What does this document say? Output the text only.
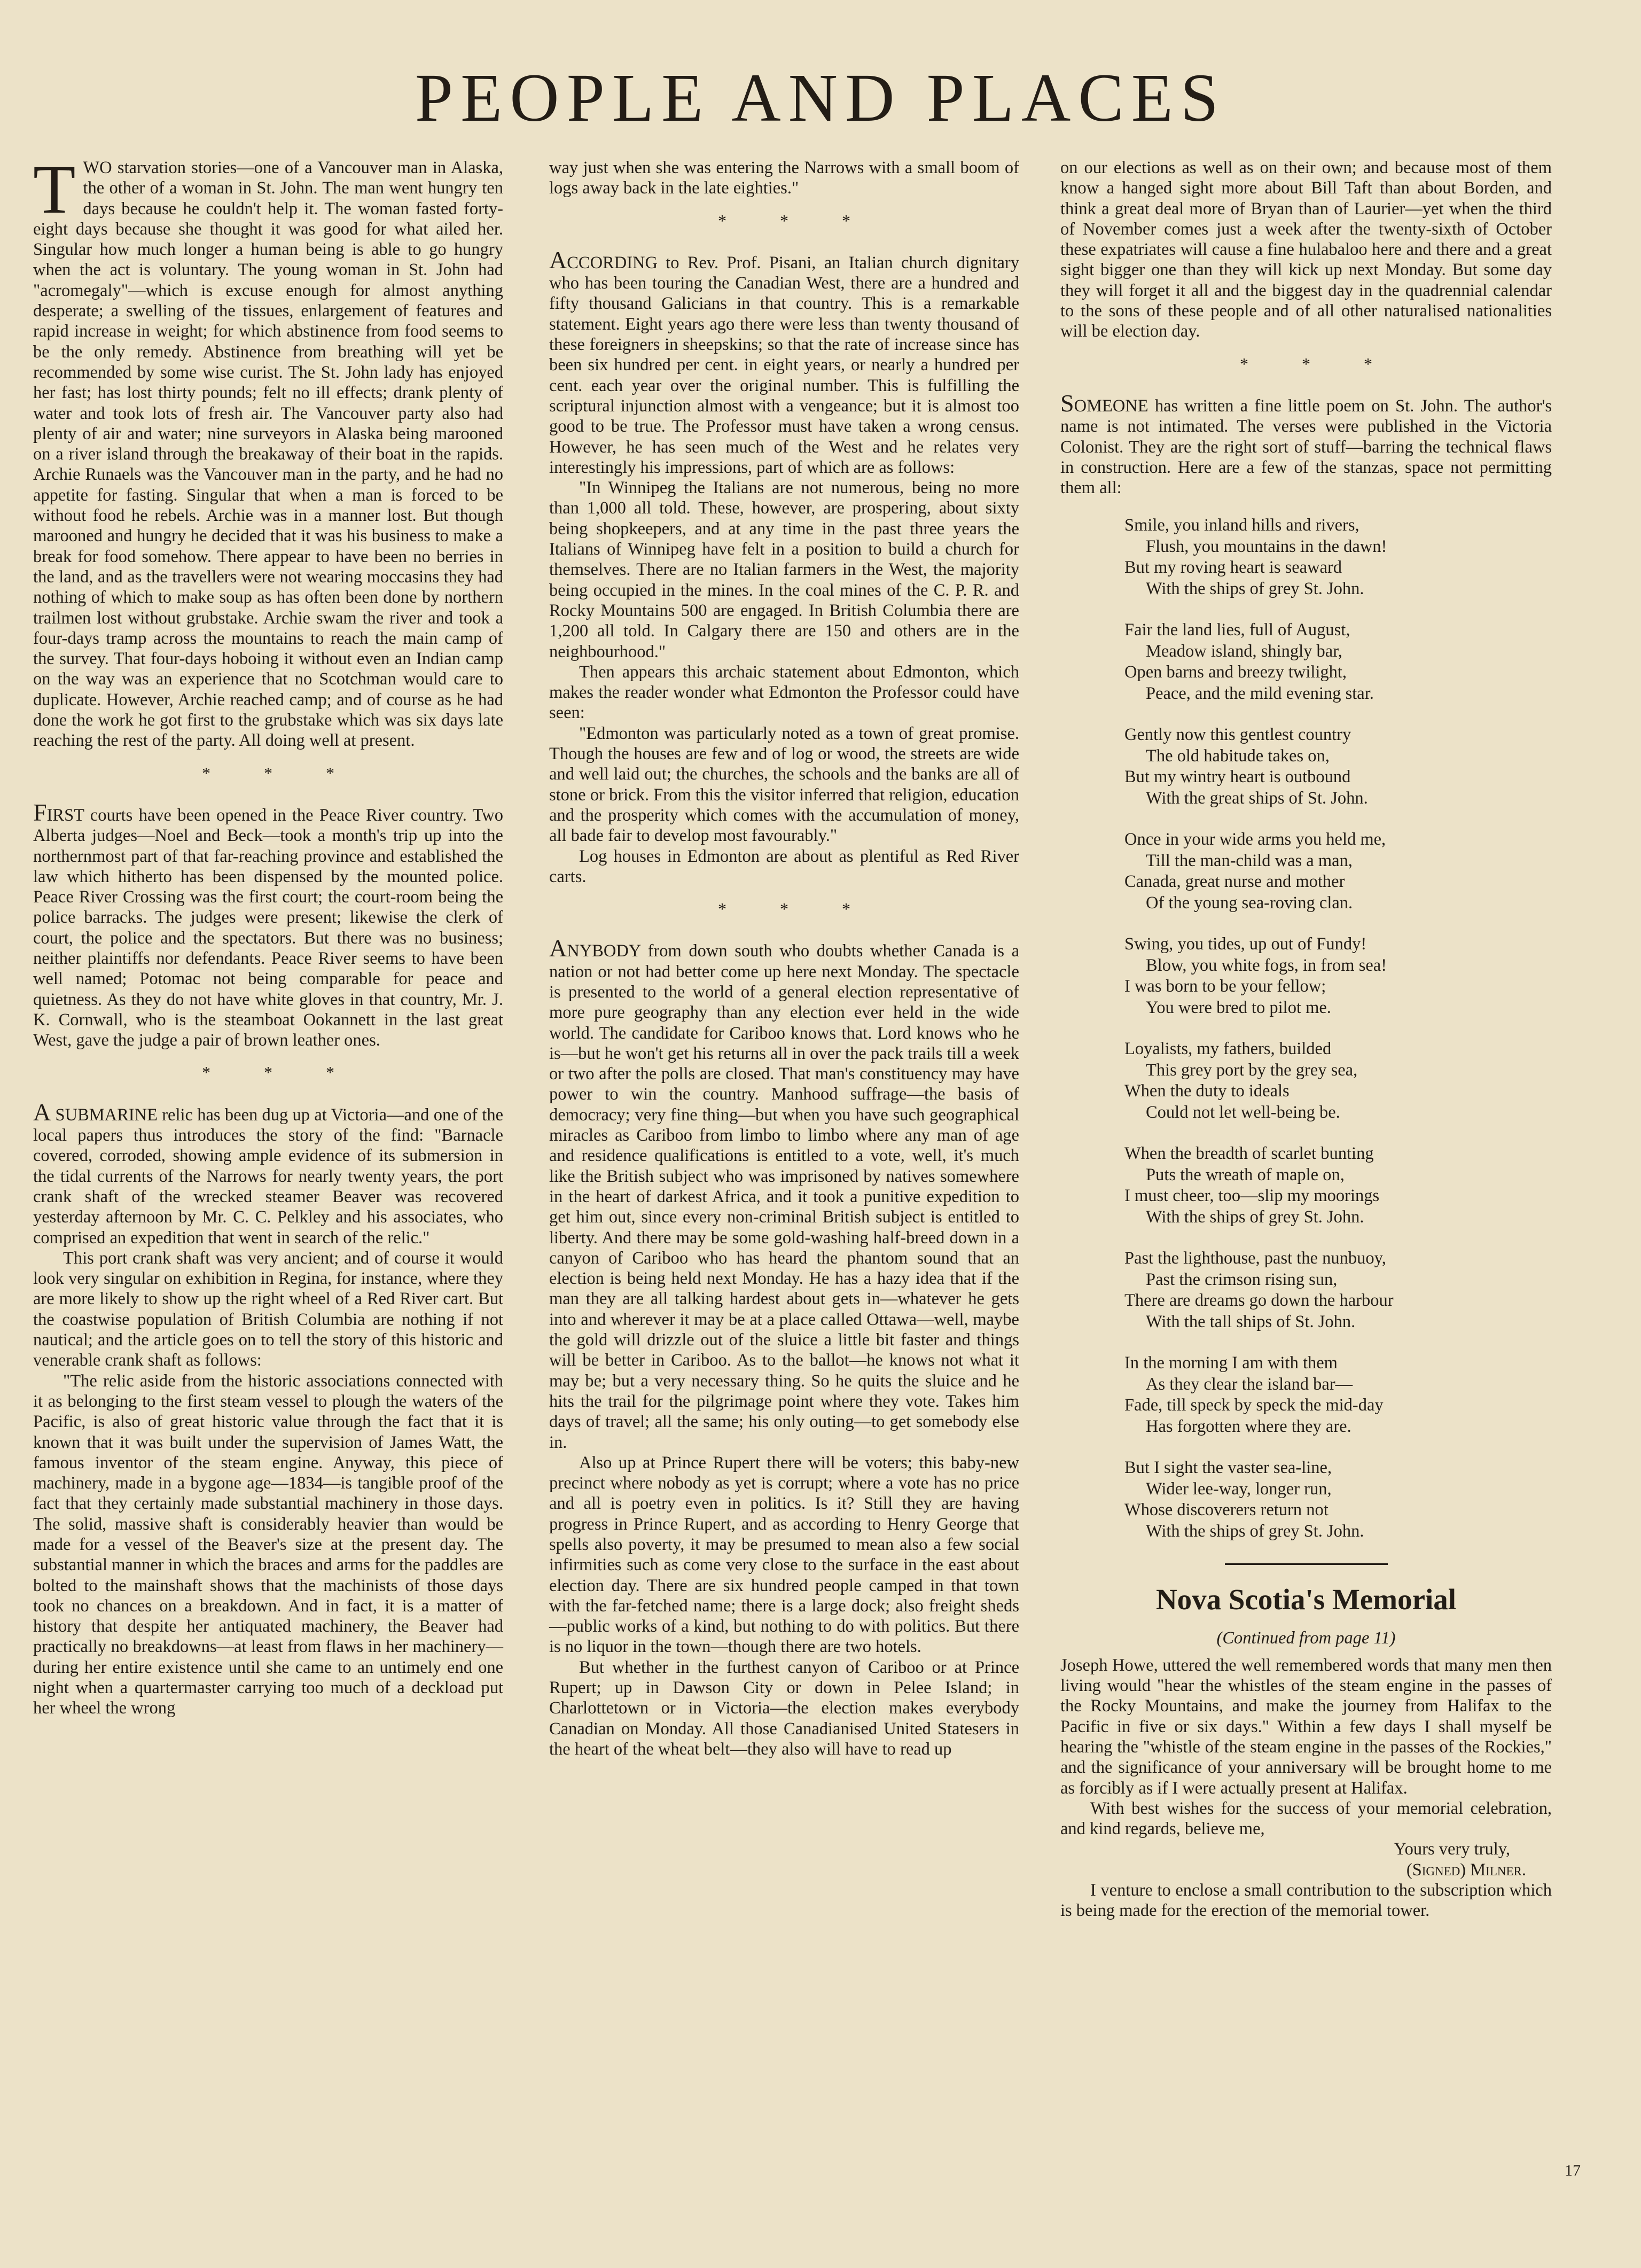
PEOPLE AND PLACES

TWO starvation stories—one of a Vancouver man in Alaska, the other of a woman in St. John. The man went hungry ten days because he couldn't help it. The woman fasted forty-eight days because she thought it was good for what ailed her. Singular how much longer a human being is able to go hungry when the act is voluntary. The young woman in St. John had "acromegaly"—which is excuse enough for almost anything desperate; a swelling of the tissues, enlargement of features and rapid increase in weight; for which abstinence from food seems to be the only remedy. Abstinence from breathing will yet be recommended by some wise curist. The St. John lady has enjoyed her fast; has lost thirty pounds; felt no ill effects; drank plenty of water and took lots of fresh air. The Vancouver party also had plenty of air and water; nine surveyors in Alaska being marooned on a river island through the breakaway of their boat in the rapids. Archie Runaels was the Vancouver man in the party, and he had no appetite for fasting. Singular that when a man is forced to be without food he rebels. Archie was in a manner lost. But though marooned and hungry he decided that it was his business to make a break for food somehow. There appear to have been no berries in the land, and as the travellers were not wearing moccasins they had nothing of which to make soup as has often been done by northern trailmen lost without grubstake. Archie swam the river and took a four-days tramp across the mountains to reach the main camp of the survey. That four-days hoboing it without even an Indian camp on the way was an experience that no Scotchman would care to duplicate. However, Archie reached camp; and of course as he had done the work he got first to the grubstake which was six days late reaching the rest of the party. All doing well at present.

* * *

FIRST courts have been opened in the Peace River country. Two Alberta judges—Noel and Beck—took a month's trip up into the northernmost part of that far-reaching province and established the law which hitherto has been dispensed by the mounted police. Peace River Crossing was the first court; the court-room being the police barracks. The judges were present; likewise the clerk of court, the police and the spectators. But there was no business; neither plaintiffs nor defendants. Peace River seems to have been well named; Potomac not being comparable for peace and quietness. As they do not have white gloves in that country, Mr. J. K. Cornwall, who is the steamboat Ookannett in the last great West, gave the judge a pair of brown leather ones.

* * *

A SUBMARINE relic has been dug up at Victoria—and one of the local papers thus introduces the story of the find: "Barnacle covered, corroded, showing ample evidence of its submersion in the tidal currents of the Narrows for nearly twenty years, the port crank shaft of the wrecked steamer Beaver was recovered yesterday afternoon by Mr. C. C. Pelkley and his associates, who comprised an expedition that went in search of the relic."

This port crank shaft was very ancient; and of course it would look very singular on exhibition in Regina, for instance, where they are more likely to show up the right wheel of a Red River cart. But the coastwise population of British Columbia are nothing if not nautical; and the article goes on to tell the story of this historic and venerable crank shaft as follows:

"The relic aside from the historic associations connected with it as belonging to the first steam vessel to plough the waters of the Pacific, is also of great historic value through the fact that it is known that it was built under the supervision of James Watt, the famous inventor of the steam engine. Anyway, this piece of machinery, made in a bygone age—1834—is tangible proof of the fact that they certainly made substantial machinery in those days. The solid, massive shaft is considerably heavier than would be made for a vessel of the Beaver's size at the present day. The substantial manner in which the braces and arms for the paddles are bolted to the mainshaft shows that the machinists of those days took no chances on a breakdown. And in fact, it is a matter of history that despite her antiquated machinery, the Beaver had practically no breakdowns—at least from flaws in her machinery—during her entire existence until she came to an untimely end one night when a quartermaster carrying too much of a deckload put her wheel the wrong

way just when she was entering the Narrows with a small boom of logs away back in the late eighties."

* * *

ACCORDING to Rev. Prof. Pisani, an Italian church dignitary who has been touring the Canadian West, there are a hundred and fifty thousand Galicians in that country. This is a remarkable statement. Eight years ago there were less than twenty thousand of these foreigners in sheepskins; so that the rate of increase since has been six hundred per cent. in eight years, or nearly a hundred per cent. each year over the original number. This is fulfilling the scriptural injunction almost with a vengeance; but it is almost too good to be true. The Professor must have taken a wrong census. However, he has seen much of the West and he relates very interestingly his impressions, part of which are as follows:

"In Winnipeg the Italians are not numerous, being no more than 1,000 all told. These, however, are prospering, about sixty being shopkeepers, and at any time in the past three years the Italians of Winnipeg have felt in a position to build a church for themselves. There are no Italian farmers in the West, the majority being occupied in the mines. In the coal mines of the C. P. R. and Rocky Mountains 500 are engaged. In British Columbia there are 1,200 all told. In Calgary there are 150 and others are in the neighbourhood."

Then appears this archaic statement about Edmonton, which makes the reader wonder what Edmonton the Professor could have seen:

"Edmonton was particularly noted as a town of great promise. Though the houses are few and of log or wood, the streets are wide and well laid out; the churches, the schools and the banks are all of stone or brick. From this the visitor inferred that religion, education and the prosperity which comes with the accumulation of money, all bade fair to develop most favourably."

Log houses in Edmonton are about as plentiful as Red River carts.

* * *

ANYBODY from down south who doubts whether Canada is a nation or not had better come up here next Monday. The spectacle is presented to the world of a general election representative of more pure geography than any election ever held in the wide world. The candidate for Cariboo knows that. Lord knows who he is—but he won't get his returns all in over the pack trails till a week or two after the polls are closed. That man's constituency may have power to win the country. Manhood suffrage—the basis of democracy; very fine thing—but when you have such geographical miracles as Cariboo from limbo to limbo where any man of age and residence qualifications is entitled to a vote, well, it's much like the British subject who was imprisoned by natives somewhere in the heart of darkest Africa, and it took a punitive expedition to get him out, since every non-criminal British subject is entitled to liberty. And there may be some gold-washing half-breed down in a canyon of Cariboo who has heard the phantom sound that an election is being held next Monday. He has a hazy idea that if the man they are all talking hardest about gets in—whatever he gets into and wherever it may be at a place called Ottawa—well, maybe the gold will drizzle out of the sluice a little bit faster and things will be better in Cariboo. As to the ballot—he knows not what it may be; but a very necessary thing. So he quits the sluice and he hits the trail for the pilgrimage point where they vote. Takes him days of travel; all the same; his only outing—to get somebody else in.

Also up at Prince Rupert there will be voters; this baby-new precinct where nobody as yet is corrupt; where a vote has no price and all is poetry even in politics. Is it? Still they are having progress in Prince Rupert, and as according to Henry George that spells also poverty, it may be presumed to mean also a few social infirmities such as come very close to the surface in the east about election day. There are six hundred people camped in that town with the far-fetched name; there is a large dock; also freight sheds—public works of a kind, but nothing to do with politics. But there is no liquor in the town—though there are two hotels.

But whether in the furthest canyon of Cariboo or at Prince Rupert; up in Dawson City or down in Pelee Island; in Charlottetown or in Victoria—the election makes everybody Canadian on Monday. All those Canadianised United Statesers in the heart of the wheat belt—they also will have to read up

on our elections as well as on their own; and because most of them know a hanged sight more about Bill Taft than about Borden, and think a great deal more of Bryan than of Laurier—yet when the third of November comes just a week after the twenty-sixth of October these expatriates will cause a fine hulabaloo here and there and a great sight bigger one than they will kick up next Monday. But some day they will forget it all and the biggest day in the quadrennial calendar to the sons of these people and of all other naturalised nationalities will be election day.

* * *

SOMEONE has written a fine little poem on St. John. The author's name is not intimated. The verses were published in the Victoria Colonist. They are the right sort of stuff—barring the technical flaws in construction. Here are a few of the stanzas, space not permitting them all:

Smile, you inland hills and rivers,
Flush, you mountains in the dawn!
But my roving heart is seaward
With the ships of grey St. John.
Fair the land lies, full of August,
Meadow island, shingly bar,
Open barns and breezy twilight,
Peace, and the mild evening star.
Gently now this gentlest country
The old habitude takes on,
But my wintry heart is outbound
With the great ships of St. John.
Once in your wide arms you held me,
Till the man-child was a man,
Canada, great nurse and mother
Of the young sea-roving clan.
Swing, you tides, up out of Fundy!
Blow, you white fogs, in from sea!
I was born to be your fellow;
You were bred to pilot me.
Loyalists, my fathers, builded
This grey port by the grey sea,
When the duty to ideals
Could not let well-being be.
When the breadth of scarlet bunting
Puts the wreath of maple on,
I must cheer, too—slip my moorings
With the ships of grey St. John.
Past the lighthouse, past the nunbuoy,
Past the crimson rising sun,
There are dreams go down the harbour
With the tall ships of St. John.
In the morning I am with them
As they clear the island bar—
Fade, till speck by speck the mid-day
Has forgotten where they are.
But I sight the vaster sea-line,
Wider lee-way, longer run,
Whose discoverers return not
With the ships of grey St. John.
Nova Scotia's Memorial
(Continued from page 11)

Joseph Howe, uttered the well remembered words that many men then living would "hear the whistles of the steam engine in the passes of the Rocky Mountains, and make the journey from Halifax to the Pacific in five or six days." Within a few days I shall myself be hearing the "whistle of the steam engine in the passes of the Rockies," and the significance of your anniversary will be brought home to me as forcibly as if I were actually present at Halifax.

With best wishes for the success of your memorial celebration, and kind regards, believe me,

Yours very truly,

(Signed) Milner.

I venture to enclose a small contribution to the subscription which is being made for the erection of the memorial tower.

17
